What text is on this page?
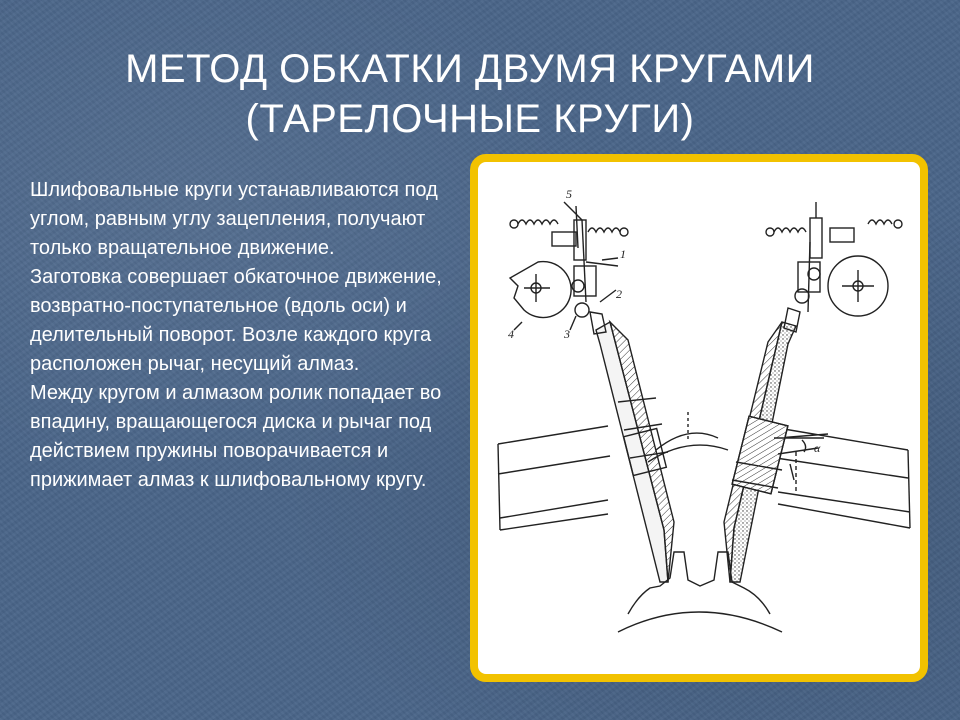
МЕТОД ОБКАТКИ ДВУМЯ КРУГАМИ
(ТАРЕЛОЧНЫЕ КРУГИ)

Шлифовальные круги устанавливаются под углом, равным углу зацепления, получают только вращательное движение.

Заготовка совершает обкаточное движение, возвратно-поступательное (вдоль оси) и делительный поворот. Возле каждого круга расположен рычаг, несущий алмаз.

Между кругом и алмазом ролик попадает во впадину, вращающегося диска и рычаг под действием пружины поворачивается и прижимает алмаз к шлифовальному кругу.

5
1
2
3
4
α
